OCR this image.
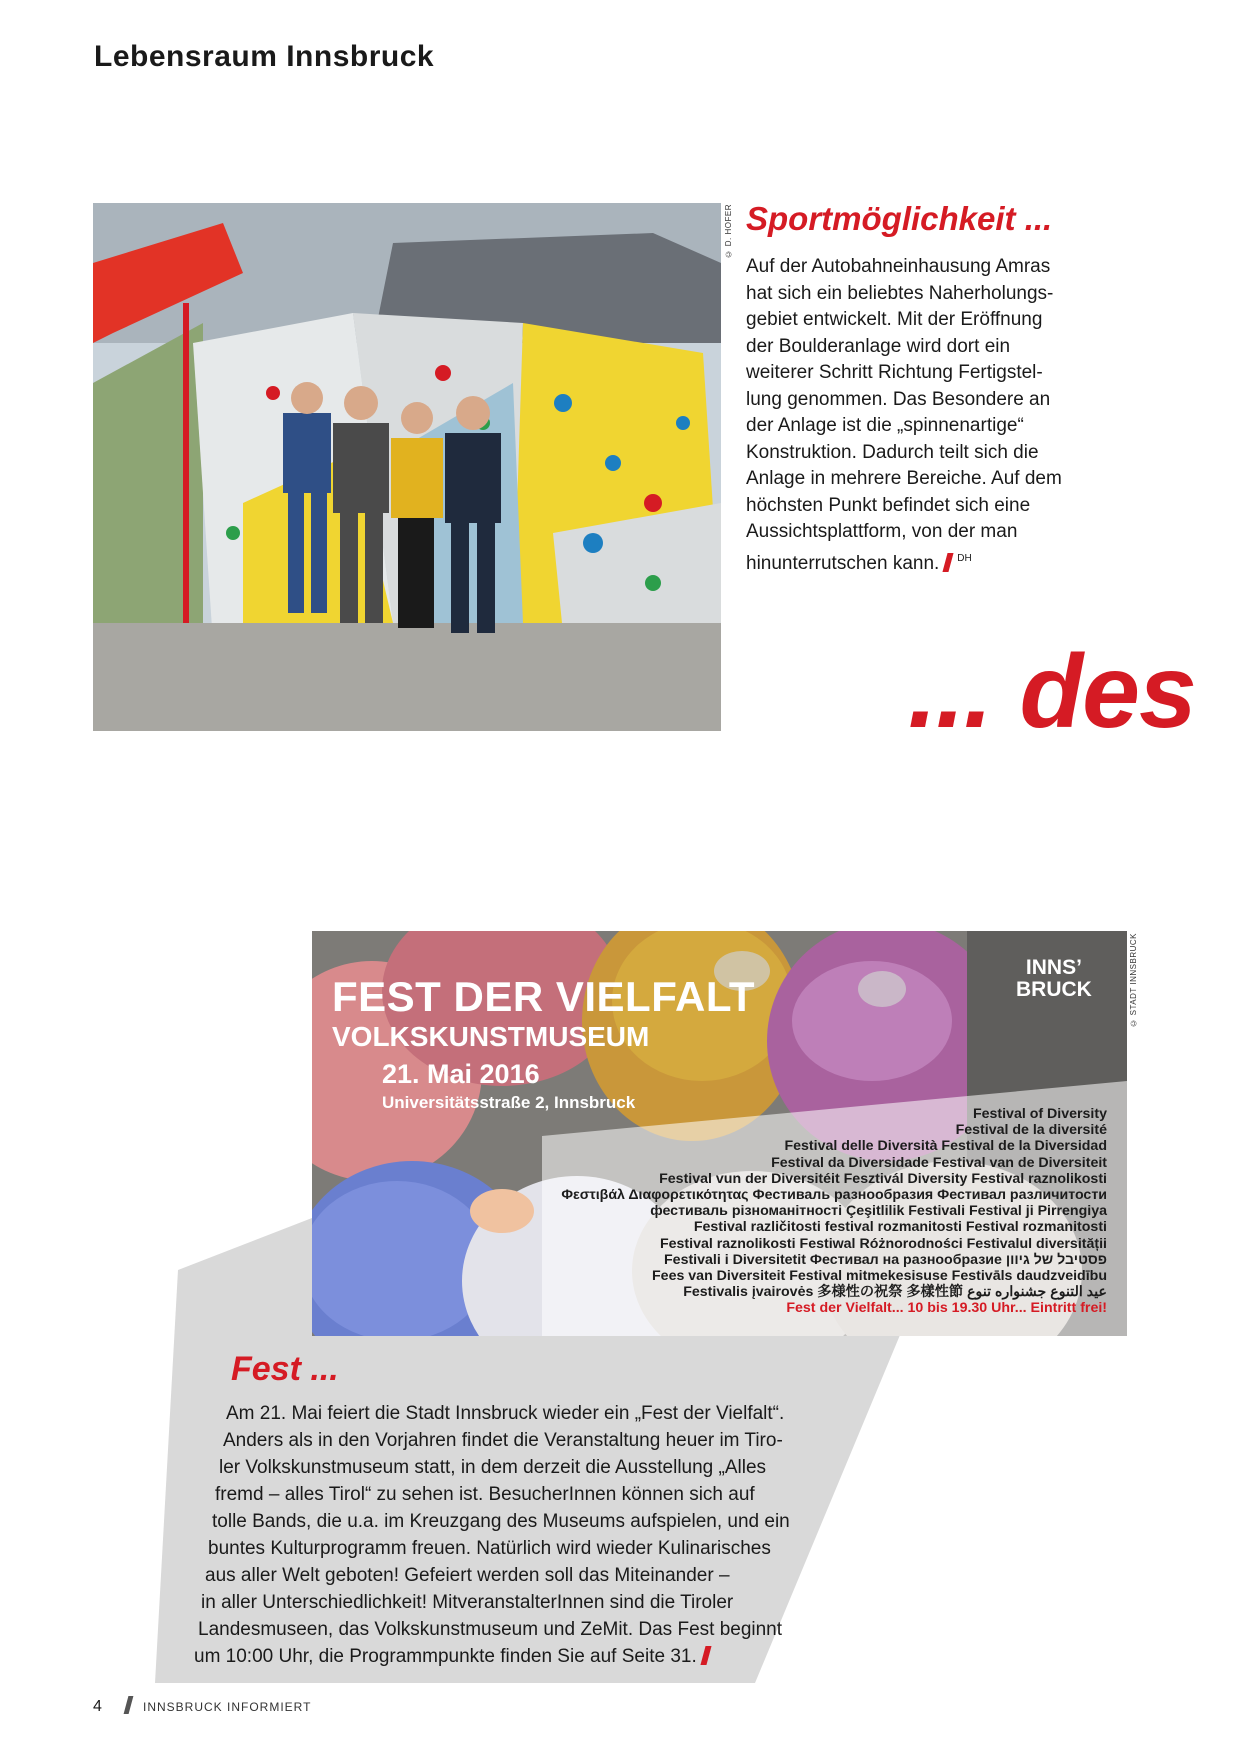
Lebensraum Innsbruck
© D. HOFER Sportmöglichkeit ...
Auf der Autobahneinhausung Amras
hat sich ein beliebtes Naherholungs-
gebiet entwickelt. Mit der Eröffnung
der Boulderanlage wird dort ein
weiterer Schritt Richtung Fertigstel-
lung genommen. Das Besondere an
der Anlage ist die „spinnenartige“
Konstruktion. Dadurch teilt sich die
Anlage in mehrere Bereiche. Auf dem
höchsten Punkt befindet sich eine
Aussichtsplattform, von der man
hinunterrutschen kann. $^{DH}$
... des
FEST DER VIELFALT
VOLKSKUNSTMUSEUM
21. Mai 2016
Universitätsstraße 2, Innsbruck
INNS’
BRUCK
Festival of Diversity
Festival de la diversité
Festival delle Diversità Festival de la Diversidad
Festival da Diversidade Festival van de Diversiteit
Festival vun der Diversitéit Fesztivál Diversity Festival raznolikosti
Φεστιβάλ Διαφορετικότητας Фестиваль разнообразия Фестивал различитости
фестиваль різноманітності Çeşitlilik Festivali Festival ji Pirrengiya
Festival različitosti festival rozmanitosti Festival rozmanitosti
Festival raznolikosti Festiwal Różnorodności Festivalul diversității
Festivali i Diversitetit Фестивал на разнообразие פסטיבל של גיוון
Fees van Diversiteit Festival mitmekesisuse Festivāls daudzveidību
Festivalis įvairovės 多様性の祝祭 多樣性節 عيد التنوع جشنواره تنوع
Fest der Vielfalt... 10 bis 19.30 Uhr... Eintritt frei!
© STADT INNSBRUCK
Fest ...
Am 21. Mai feiert die Stadt Innsbruck wieder ein „Fest der Vielfalt“.
Anders als in den Vorjahren findet die Veranstaltung heuer im Tiro-
ler Volkskunstmuseum statt, in dem derzeit die Ausstellung „Alles
fremd – alles Tirol“ zu sehen ist. BesucherInnen können sich auf
tolle Bands, die u.a. im Kreuzgang des Museums aufspielen, und ein
buntes Kulturprogramm freuen. Natürlich wird wieder Kulinarisches
aus aller Welt geboten! Gefeiert werden soll das Miteinander –
in aller Unterschiedlichkeit! MitveranstalterInnen sind die Tiroler
Landesmuseen, das Volkskunstmuseum und ZeMit. Das Fest beginnt
um 10:00 Uhr, die Programmpunkte finden Sie auf Seite 31.
4	INNSBRUCK INFORMIERT
